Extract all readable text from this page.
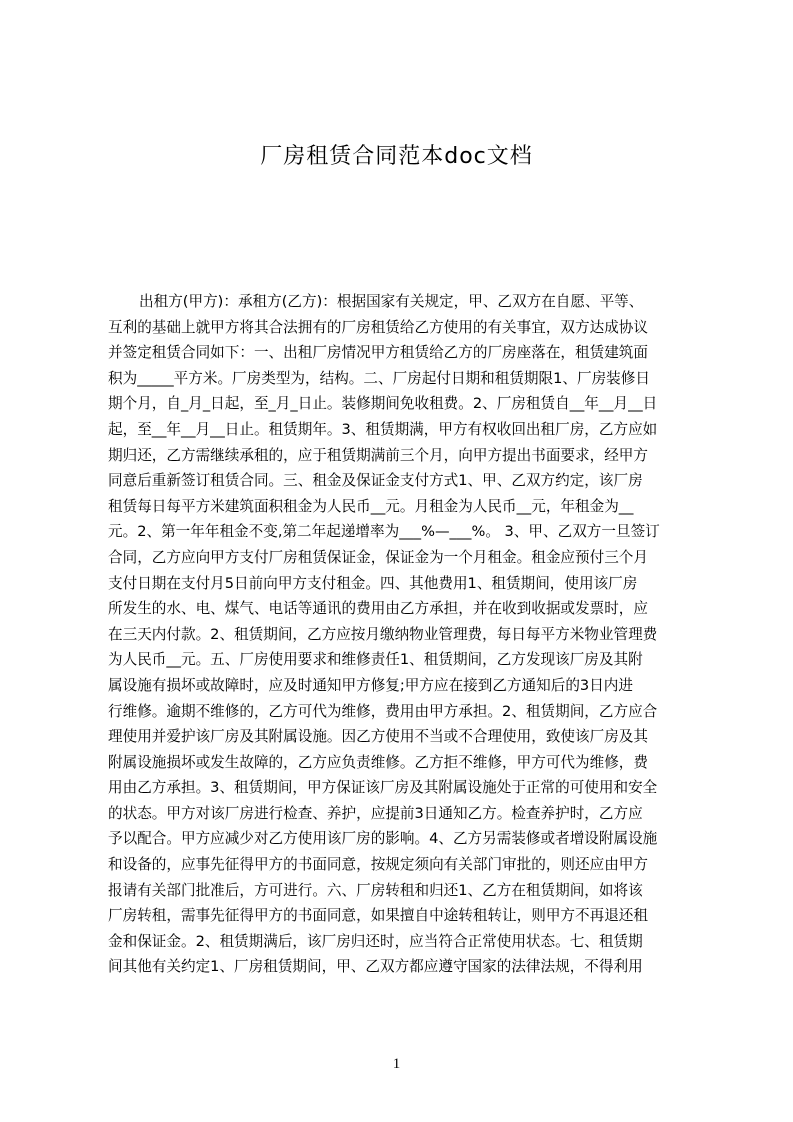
厂房租赁合同范本doc文档
出租方(甲方)：承租方(乙方)：根据国家有关规定，甲、乙双方在自愿、平等、
互利的基础上就甲方将其合法拥有的厂房租赁给乙方使用的有关事宜，双方达成协议
并签定租赁合同如下：一、出租厂房情况甲方租赁给乙方的厂房座落在，租赁建筑面
积为_____平方米。厂房类型为，结构。二、厂房起付日期和租赁期限1、厂房装修日
期个月，自_月_日起，至_月_日止。装修期间免收租费。2、厂房租赁自__年__月__日
起，至__年__月__日止。租赁期年。3、租赁期满，甲方有权收回出租厂房，乙方应如
期归还，乙方需继续承租的，应于租赁期满前三个月，向甲方提出书面要求，经甲方
同意后重新签订租赁合同。三、租金及保证金支付方式1、甲、乙双方约定，该厂房
租赁每日每平方米建筑面积租金为人民币__元。月租金为人民币__元，年租金为__
元。2、第一年年租金不变,第二年起递增率为___%—___%。 3、甲、乙双方一旦签订
合同，乙方应向甲方支付厂房租赁保证金，保证金为一个月租金。租金应预付三个月
支付日期在支付月5日前向甲方支付租金。四、其他费用1、租赁期间，使用该厂房
所发生的水、电、煤气、电话等通讯的费用由乙方承担，并在收到收据或发票时，应
在三天内付款。2、租赁期间，乙方应按月缴纳物业管理费，每日每平方米物业管理费
为人民币__元。五、厂房使用要求和维修责任1、租赁期间，乙方发现该厂房及其附
属设施有损坏或故障时，应及时通知甲方修复;甲方应在接到乙方通知后的3日内进
行维修。逾期不维修的，乙方可代为维修，费用由甲方承担。2、租赁期间，乙方应合
理使用并爱护该厂房及其附属设施。因乙方使用不当或不合理使用，致使该厂房及其
附属设施损坏或发生故障的，乙方应负责维修。乙方拒不维修，甲方可代为维修，费
用由乙方承担。3、租赁期间，甲方保证该厂房及其附属设施处于正常的可使用和安全
的状态。甲方对该厂房进行检查、养护，应提前3日通知乙方。检查养护时，乙方应
予以配合。甲方应减少对乙方使用该厂房的影响。4、乙方另需装修或者增设附属设施
和设备的，应事先征得甲方的书面同意，按规定须向有关部门审批的，则还应由甲方
报请有关部门批准后，方可进行。六、厂房转租和归还1、乙方在租赁期间，如将该
厂房转租，需事先征得甲方的书面同意，如果擅自中途转租转让，则甲方不再退还租
金和保证金。2、租赁期满后，该厂房归还时，应当符合正常使用状态。七、租赁期
间其他有关约定1、厂房租赁期间，甲、乙双方都应遵守国家的法律法规，不得利用
1
